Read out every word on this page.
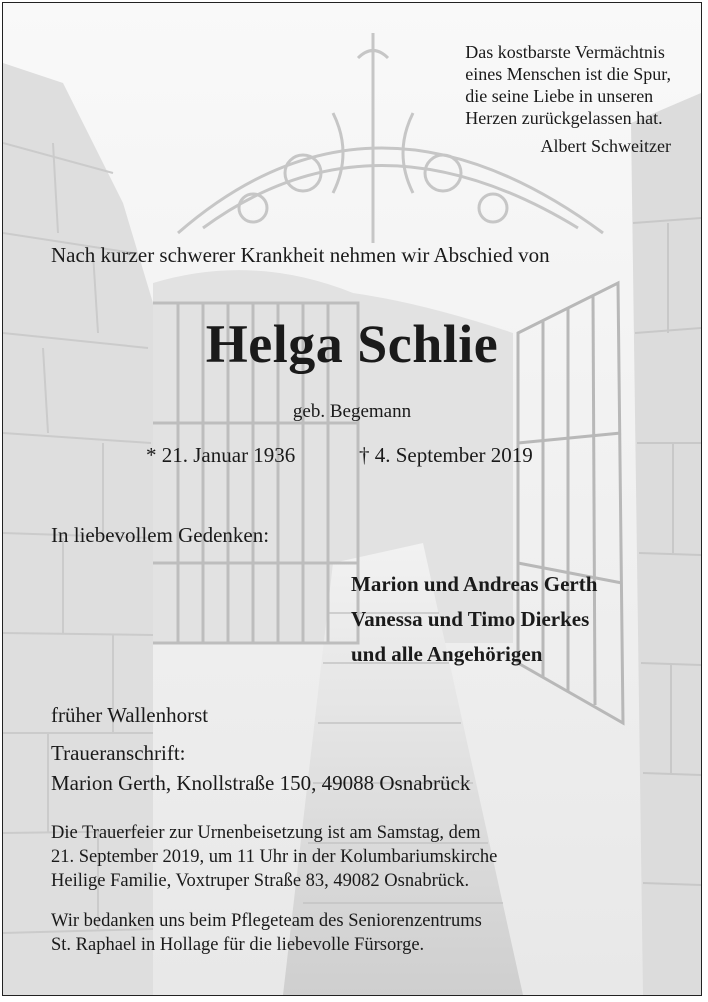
Das kostbarste Vermächtnis
eines Menschen ist die Spur,
die seine Liebe in unseren
Herzen zurückgelassen hat.
Albert Schweitzer
Nach kurzer schwerer Krankheit nehmen wir Abschied von
Helga Schlie
geb. Begemann
* 21. Januar 1936	† 4. September 2019
In liebevollem Gedenken:
Marion und Andreas Gerth
Vanessa und Timo Dierkes
und alle Angehörigen
früher Wallenhorst
Traueranschrift:
Marion Gerth, Knollstraße 150, 49088 Osnabrück
Die Trauerfeier zur Urnenbeisetzung ist am Samstag, dem
21. September 2019, um 11 Uhr in der Kolumbariumskirche
Heilige Familie, Voxtruper Straße 83, 49082 Osnabrück.
Wir bedanken uns beim Pflegeteam des Seniorenzentrums
St. Raphael in Hollage für die liebevolle Fürsorge.
